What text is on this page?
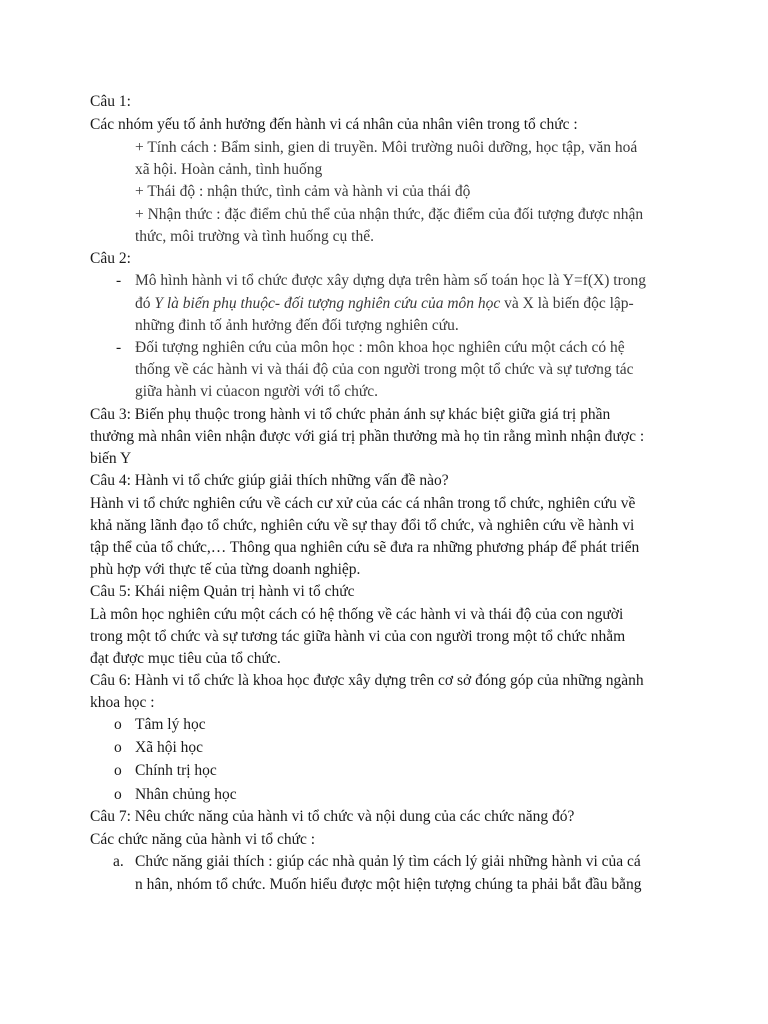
Câu 1:
Các nhóm yếu tố ảnh hưởng đến hành vi cá nhân của nhân viên trong tổ chức :
+ Tính cách : Bẩm sinh, gien di truyền. Môi trường nuôi dưỡng, học tập, văn hoá
xã hội. Hoàn cảnh, tình huống
+ Thái độ : nhận thức, tình cảm và hành vi của thái độ
+ Nhận thức : đặc điểm chủ thể của nhận thức, đặc điểm của đối tượng được nhận
thức, môi trường và tình huống cụ thể.
Câu 2:
- Mô hình hành vi tổ chức được xây dựng dựa trên hàm số toán học là Y=f(X) trong
đó Y là biến phụ thuộc- đối tượng nghiên cứu của môn học và X là biến độc lập-
những đinh tố ảnh hưởng đến đối tượng nghiên cứu.
- Đối tượng nghiên cứu của môn học : môn khoa học nghiên cứu một cách có hệ
thống về các hành vi và thái độ của con người trong một tổ chức và sự tương tác
giữa hành vi củacon người với tổ chức.
Câu 3: Biến phụ thuộc trong hành vi tổ chức phản ánh sự khác biệt giữa giá trị phần
thưởng mà nhân viên nhận được với giá trị phần thưởng mà họ tin rằng mình nhận được :
biến Y
Câu 4: Hành vi tổ chức giúp giải thích những vấn đề nào?
Hành vi tổ chức nghiên cứu về cách cư xử của các cá nhân trong tổ chức, nghiên cứu về
khả năng lãnh đạo tổ chức, nghiên cứu về sự thay đổi tổ chức, và nghiên cứu về hành vi
tập thể của tổ chức,… Thông qua nghiên cứu sẽ đưa ra những phương pháp để phát triển
phù hợp với thực tế của từng doanh nghiệp.
Câu 5: Khái niệm Quản trị hành vi tổ chức
Là môn học nghiên cứu một cách có hệ thống về các hành vi và thái độ của con người
trong một tổ chức và sự tương tác giữa hành vi của con người trong một tổ chức nhằm
đạt được mục tiêu của tổ chức.
Câu 6: Hành vi tổ chức là khoa học được xây dựng trên cơ sở đóng góp của những ngành
khoa học :
o Tâm lý học
o Xã hội học
o Chính trị học
o Nhân chủng học
Câu 7: Nêu chức năng của hành vi tổ chức và nội dung của các chức năng đó?
Các chức năng của hành vi tổ chức :
a. Chức năng giải thích : giúp các nhà quản lý tìm cách lý giải những hành vi của cá
n hân, nhóm tổ chức. Muốn hiểu được một hiện tượng chúng ta phải bắt đầu bằng
